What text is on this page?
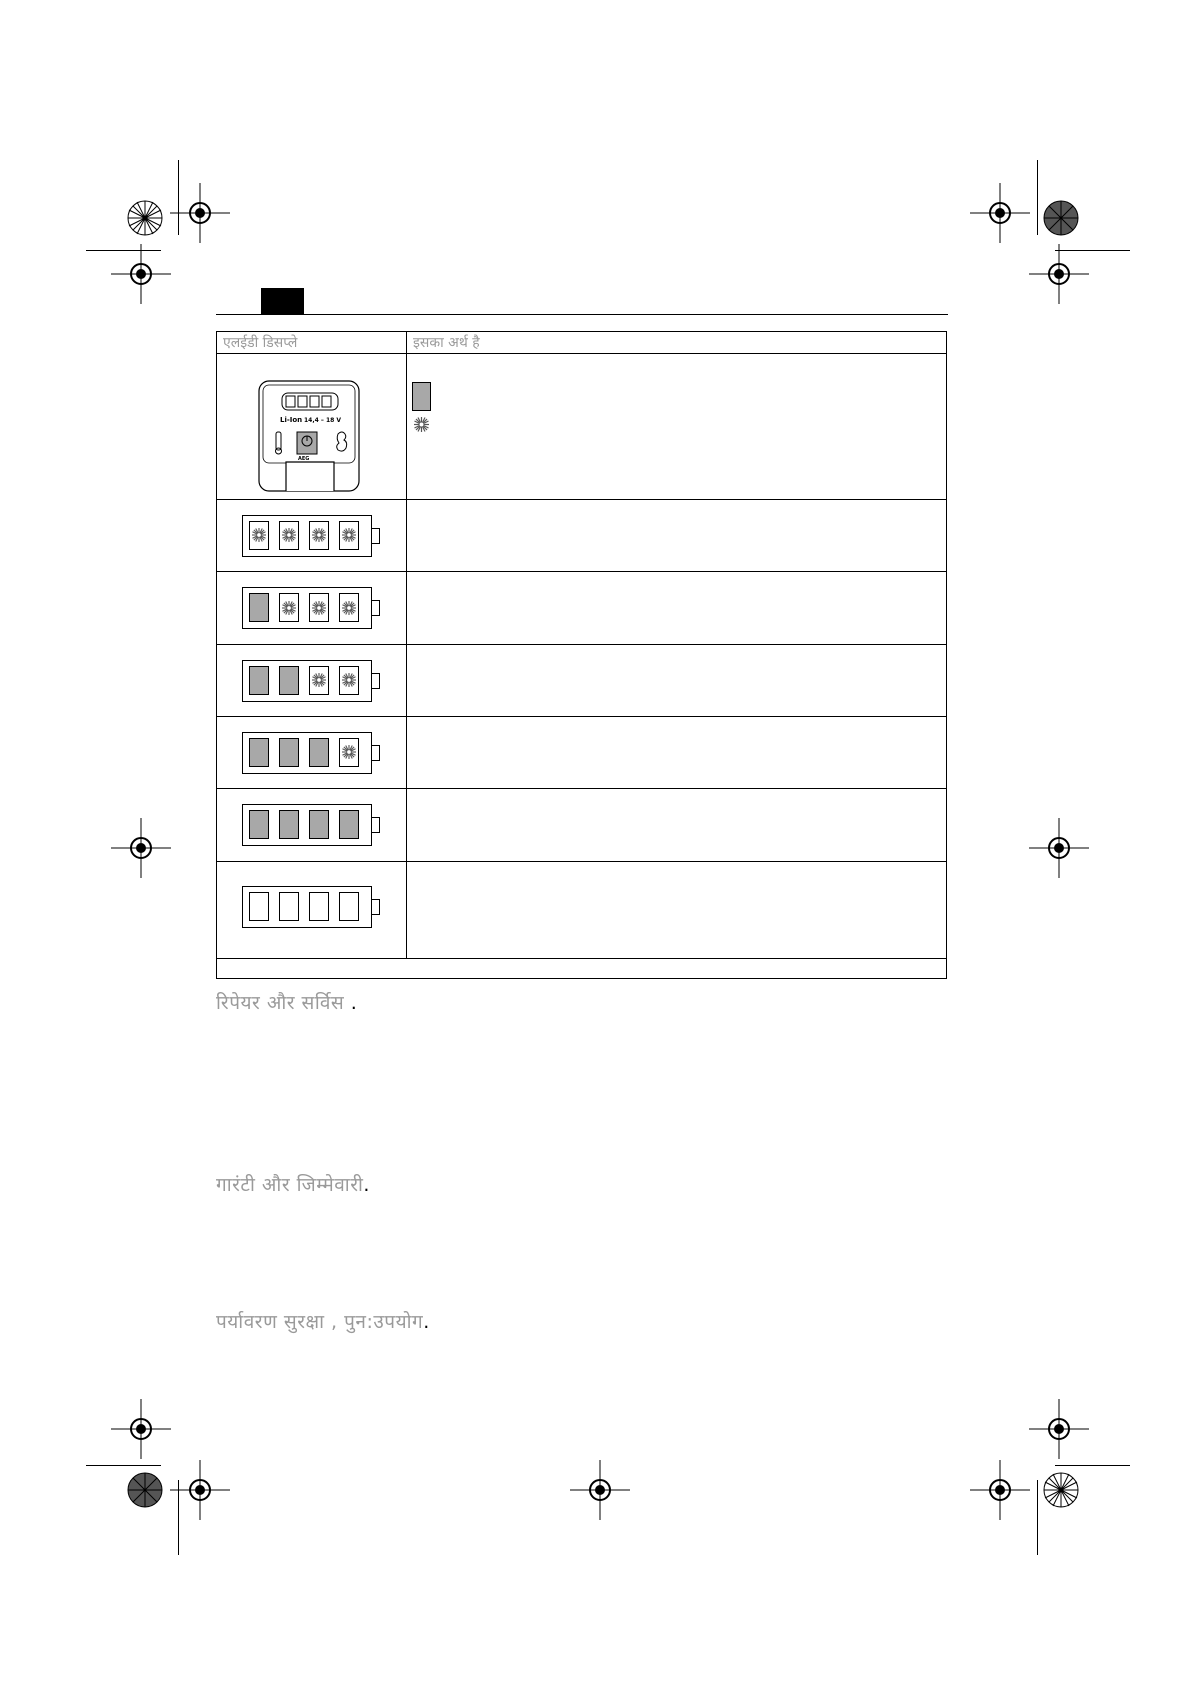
एलईडी डिसप्ले	इसका अर्थ है
Li-Ion 14,4 – 18 V
AEG
रिपेयर और सर्विस .
गारंटी और जिम्मेवारी.
पर्यावरण सुरक्षा , पुन:उपयोग.
